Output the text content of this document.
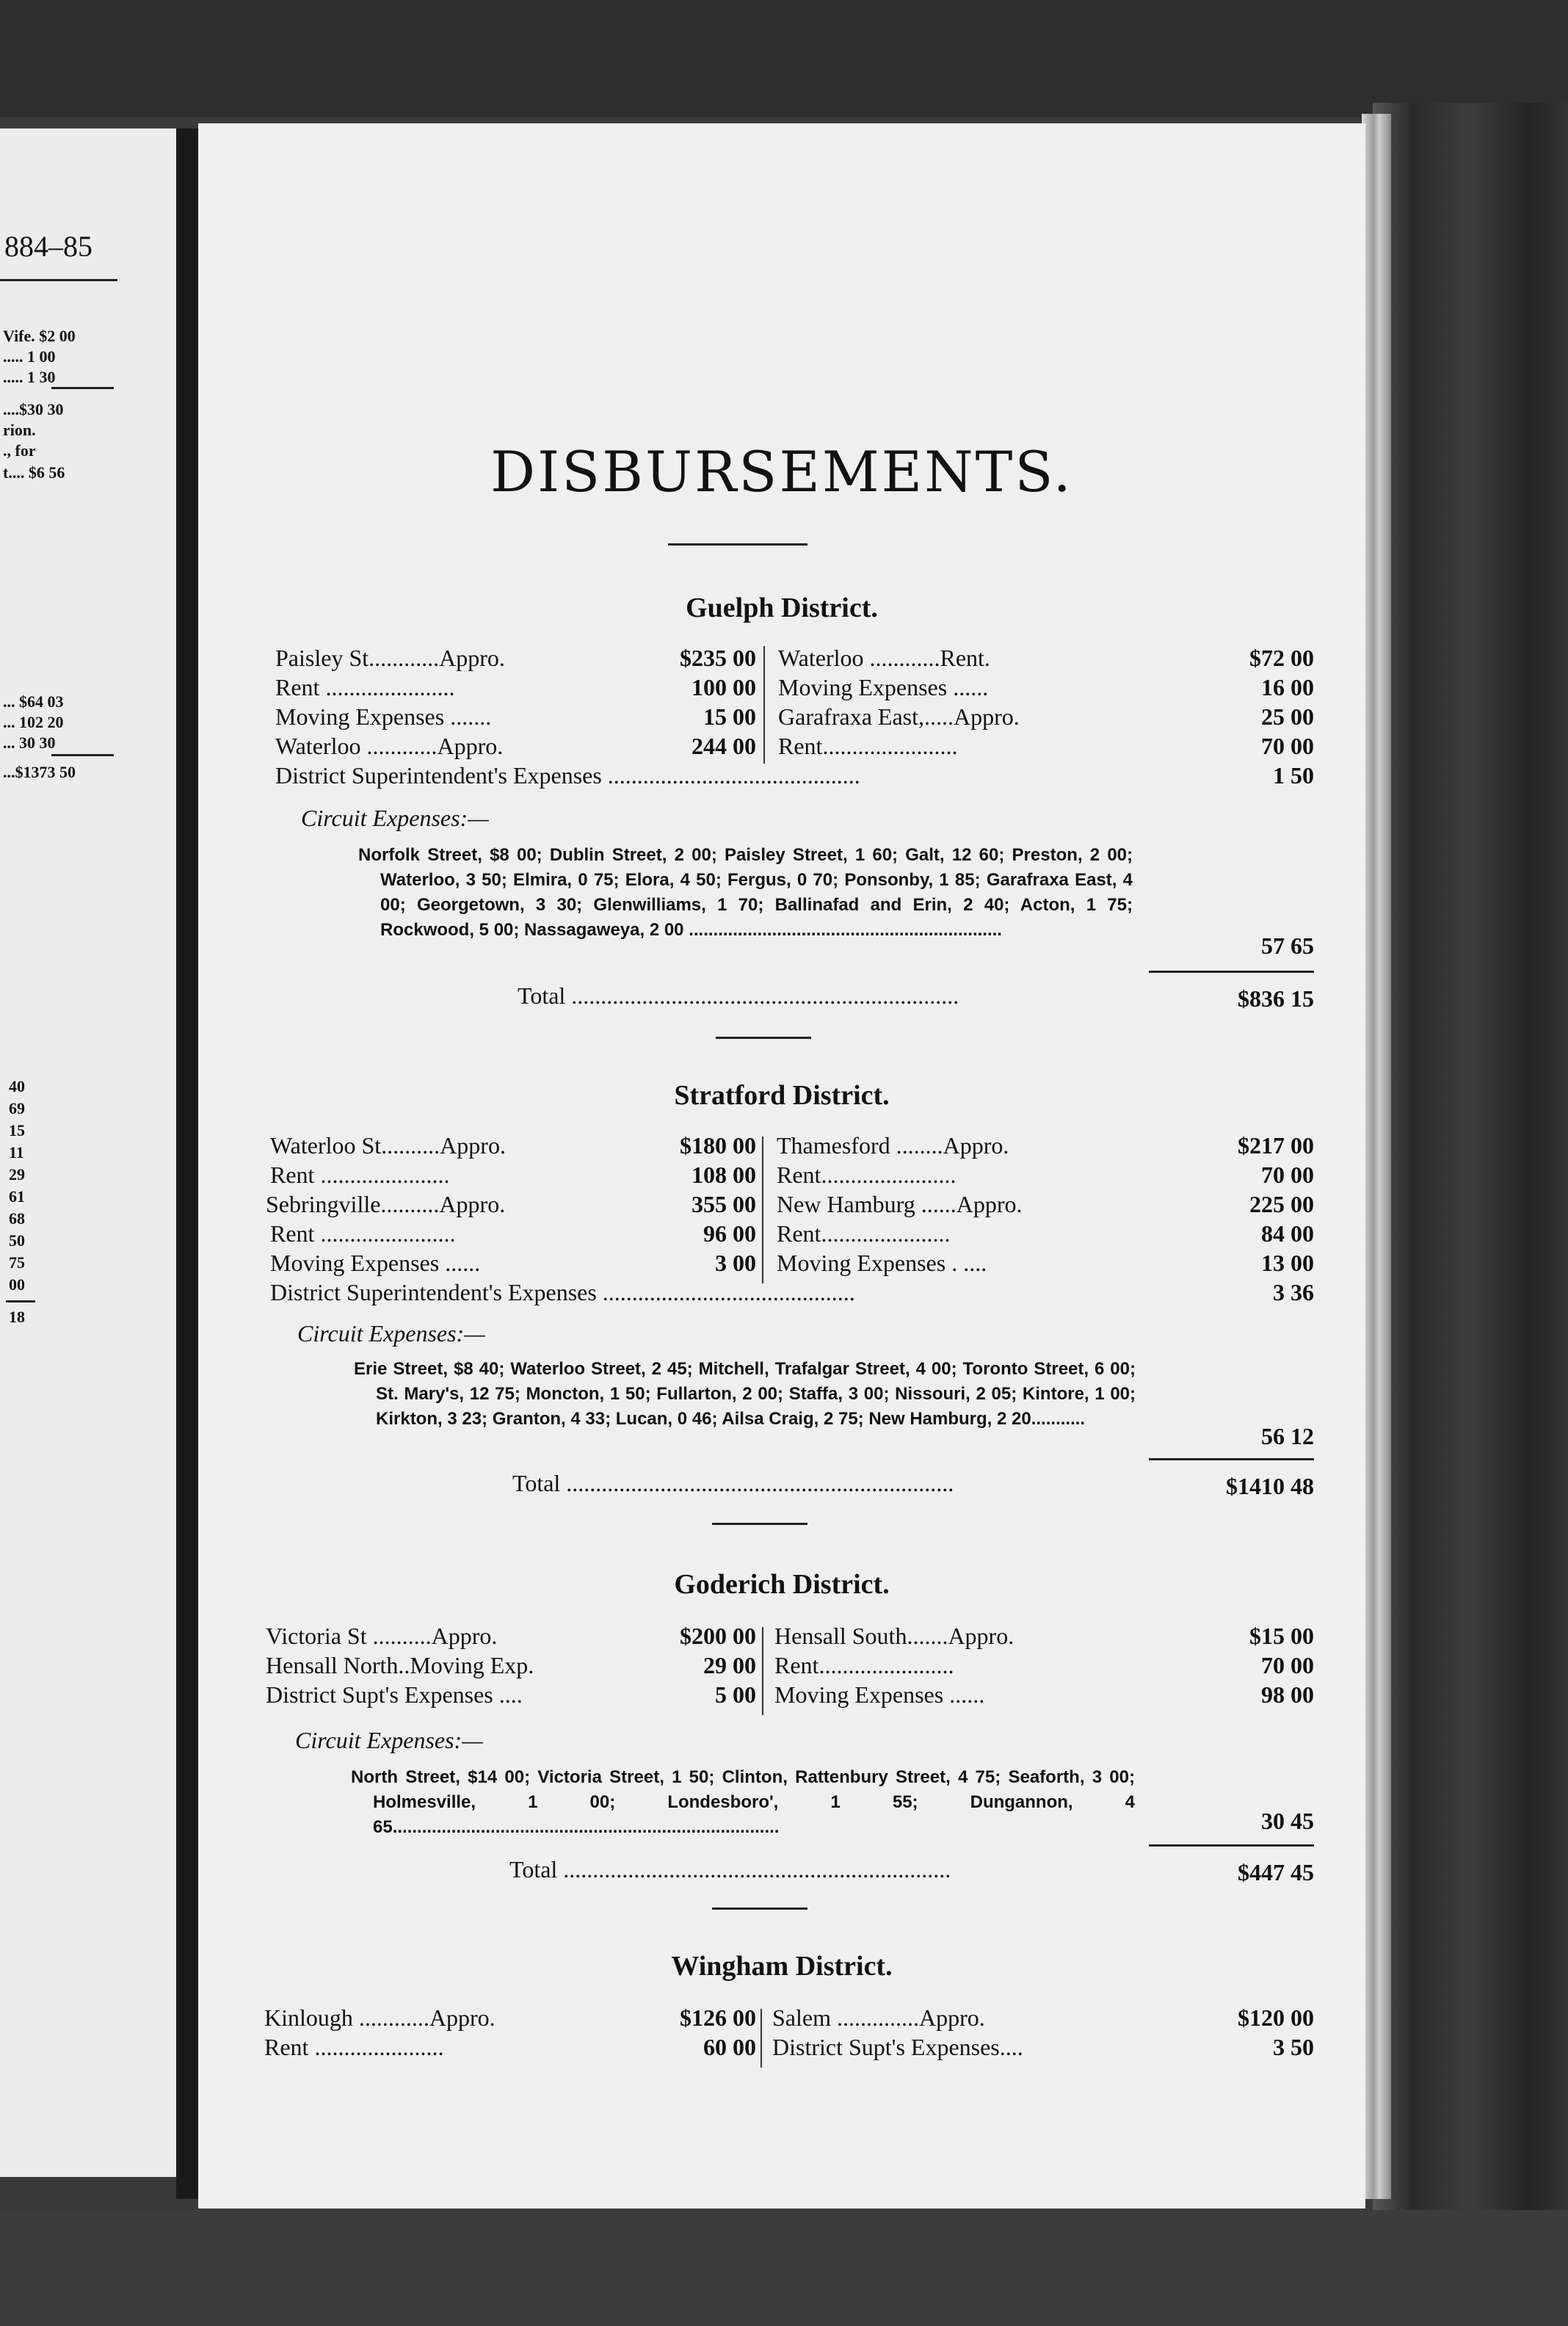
884–85
Vife. $2 00
..... 1 00
..... 1 30
....$30 30
rion.
., for
t.... $6 56
... $64 03
... 102 20
... 30 30
...$1373 50
40
69
15
11
29
61
68
50
75
00
18
DISBURSEMENTS.
Guelph District.
Paisley St............Appro.	$235 00
Rent ......................	100 00
Moving Expenses .......	15 00
Waterloo ............Appro.	244 00
Waterloo ............Rent.	$72 00
Moving Expenses ......	16 00
Garafraxa East,.....Appro.	25 00
Rent.......................	70 00
District Superintendent's Expenses ...........................................	1 50
Circuit Expenses:—
Norfolk Street, $8 00; Dublin Street, 2 00; Paisley Street, 1 60; Galt, 12 60; Preston, 2 00; Waterloo, 3 50; Elmira, 0 75; Elora, 4 50; Fergus, 0 70; Ponsonby, 1 85; Garafraxa East, 4 00; Georgetown, 3 30; Glenwilliams, 1 70; Ballinafad and Erin, 2 40; Acton, 1 75; Rockwood, 5 00; Nassagaweya, 2 00 ................................................................
57 65
Total ..................................................................	$836 15
Stratford District.
Waterloo St..........Appro.	$180 00
Rent ......................	108 00
Sebringville..........Appro.	355 00
Rent .......................	96 00
Moving Expenses ......	3 00
Thamesford ........Appro.	$217 00
Rent.......................	70 00
New Hamburg ......Appro.	225 00
Rent......................	84 00
Moving Expenses . ....	13 00
District Superintendent's Expenses ...........................................	3 36
Circuit Expenses:—
Erie Street, $8 40; Waterloo Street, 2 45; Mitchell, Trafalgar Street, 4 00; Toronto Street, 6 00; St. Mary's, 12 75; Moncton, 1 50; Fullarton, 2 00; Staffa, 3 00; Nissouri, 2 05; Kintore, 1 00; Kirkton, 3 23; Granton, 4 33; Lucan, 0 46; Ailsa Craig, 2 75; New Hamburg, 2 20...........
56 12
Total ..................................................................	$1410 48
Goderich District.
Victoria St ..........Appro.	$200 00
Hensall North..Moving Exp.	29 00
District Supt's Expenses ....	5 00
Hensall South.......Appro.	$15 00
Rent.......................	70 00
Moving Expenses ......	98 00
Circuit Expenses:—
North Street, $14 00; Victoria Street, 1 50; Clinton, Rattenbury Street, 4 75; Seaforth, 3 00; Holmesville, 1 00; Londesboro', 1 55; Dungannon, 4 65...............................................................................	30 45
Total ..................................................................	$447 45
Wingham District.
Kinlough ............Appro.	$126 00
Rent ......................	60 00
Salem ..............Appro.	$120 00
District Supt's Expenses....	3 50
